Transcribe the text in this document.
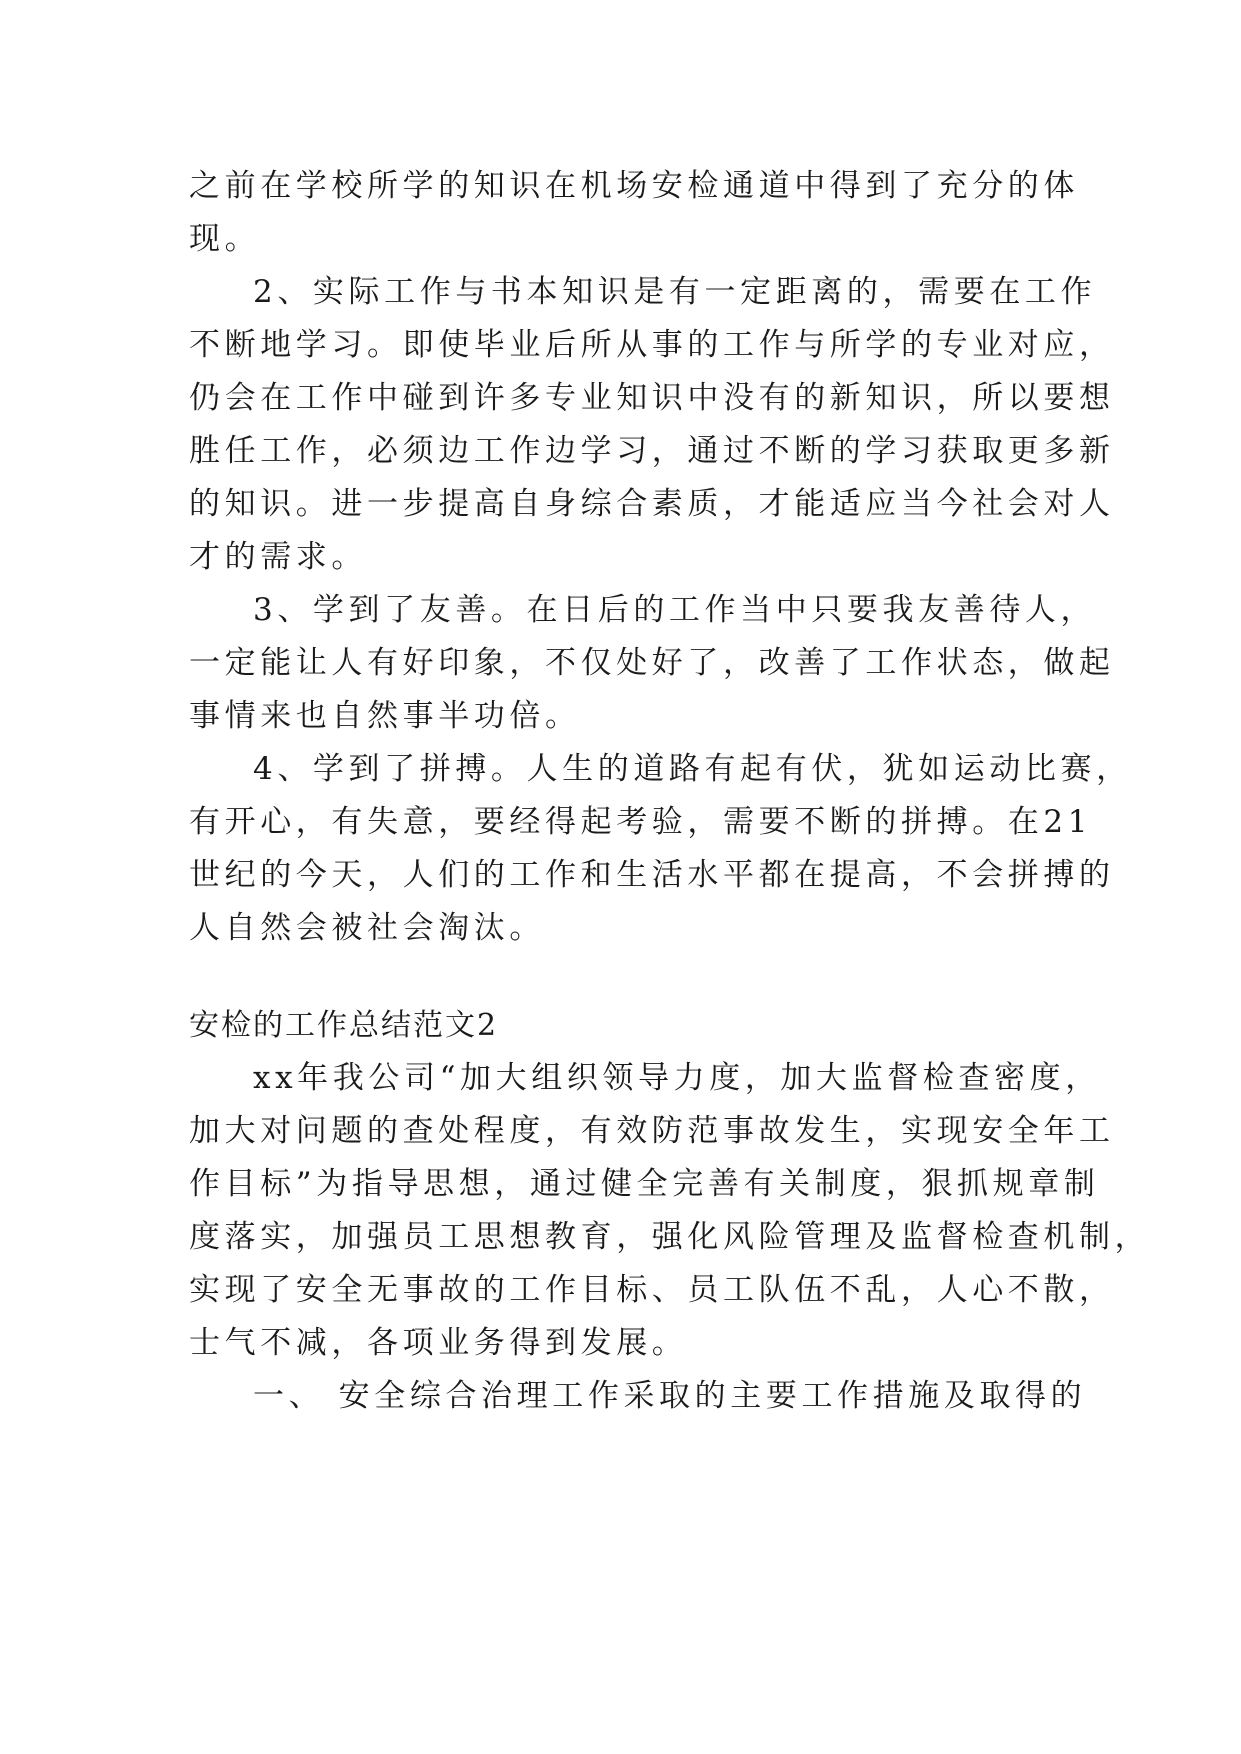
之前在学校所学的知识在机场安检通道中得到了充分的体
现。
2、实际工作与书本知识是有一定距离的，需要在工作
不断地学习。即使毕业后所从事的工作与所学的专业对应，
仍会在工作中碰到许多专业知识中没有的新知识，所以要想
胜任工作，必须边工作边学习，通过不断的学习获取更多新
的知识。进一步提高自身综合素质，才能适应当今社会对人
才的需求。
3、学到了友善。在日后的工作当中只要我友善待人，
一定能让人有好印象，不仅处好了，改善了工作状态，做起
事情来也自然事半功倍。
4、学到了拼搏。人生的道路有起有伏，犹如运动比赛，
有开心，有失意，要经得起考验，需要不断的拼搏。在21
世纪的今天，人们的工作和生活水平都在提高，不会拼搏的
人自然会被社会淘汰。
安检的工作总结范文2
xx年我公司“加大组织领导力度，加大监督检查密度，
加大对问题的查处程度，有效防范事故发生，实现安全年工
作目标”为指导思想，通过健全完善有关制度，狠抓规章制
度落实，加强员工思想教育，强化风险管理及监督检查机制，
实现了安全无事故的工作目标、员工队伍不乱，人心不散，
士气不减，各项业务得到发展。
一、 安全综合治理工作采取的主要工作措施及取得的
